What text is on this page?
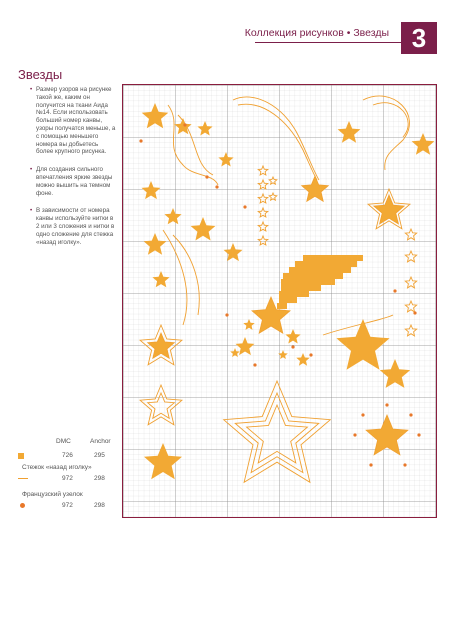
Коллекция рисунков • Звезды 3
Звезды

• Размер узоров на рисунке такой же, каким он получится на ткани Аида №14. Если использовать больший номер канвы, узоры получатся меньше, а с помощью меньшего номера вы добьетесь более крупного рисунка.

• Для создания сильного впечатления яркие звезды можно вышить на темном фоне.

• В зависимости от номера канвы используйте нитки в 2 или 3 сложения и нитки в одно сложение для стежка «назад иголку».

DMC	Anchor
726	295
Стежок «назад иголку»
972	298
Французский узелок
972	298
